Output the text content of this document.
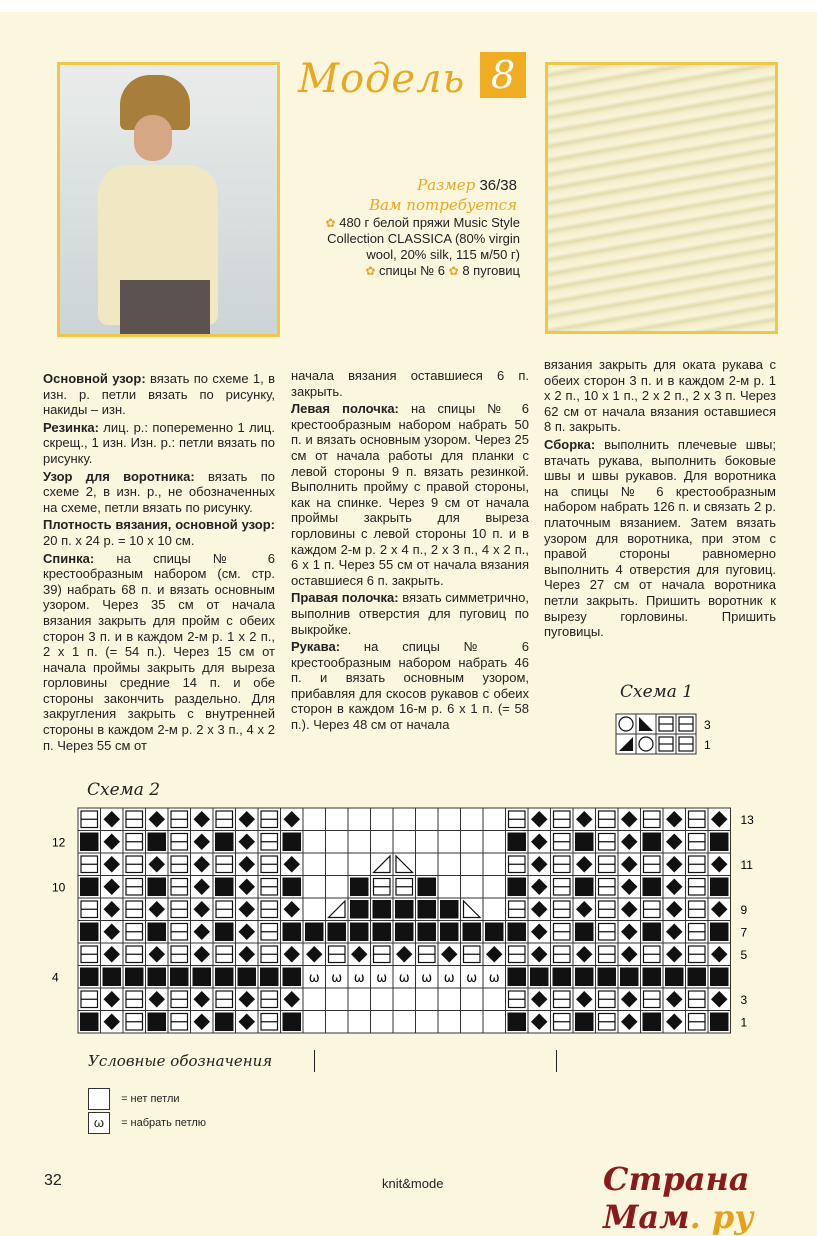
Модель 8
Размер 36/38
Вам потребуется
✿ 480 г белой пряжи Music Style
Collection CLASSICA (80% virgin
wool, 20% silk, 115 м/50 г)
✿ спицы № 6 ✿ 8 пуговиц

Основной узор: вязать по схеме 1, в изн. р. петли вязать по рисунку, накиды – изн.

Резинка: лиц. р.: попеременно 1 лиц. скрещ., 1 изн. Изн. р.: петли вязать по рисунку.

Узор для воротника: вязать по схеме 2, в изн. р., не обозначенных на схеме, петли вязать по рисунку.

Плотность вязания, основной узор: 20 п. х 24 р. = 10 х 10 см.

Спинка: на спицы № 6 крестообразным набором (см. стр. 39) набрать 68 п. и вязать основным узором. Через 35 см от начала вязания закрыть для пройм с обеих сторон 3 п. и в каждом 2-м р. 1 х 2 п., 2 х 1 п. (= 54 п.). Через 15 см от начала проймы закрыть для выреза горловины средние 14 п. и обе стороны закончить раздельно. Для закругления закрыть с внутренней стороны в каждом 2-м р. 2 х 3 п., 4 х 2 п. Через 55 см от

начала вязания оставшиеся 6 п. закрыть.

Левая полочка: на спицы № 6 крестообразным набором набрать 50 п. и вязать основным узором. Через 25 см от начала работы для планки с левой стороны 9 п. вязать резинкой. Выполнить пройму с правой стороны, как на спинке. Через 9 см от начала проймы закрыть для выреза горловины с левой стороны 10 п. и в каждом 2-м р. 2 х 4 п., 2 х 3 п., 4 х 2 п., 6 х 1 п. Через 55 см от начала вязания оставшиеся 6 п. закрыть.

Правая полочка: вязать симметрично, выполнив отверстия для пуговиц по выкройке.

Рукава: на спицы № 6 крестообразным набором набрать 46 п. и вязать основным узором, прибавляя для скосов рукавов с обеих сторон в каждом 16-м р. 6 х 1 п. (= 58 п.). Через 48 см от начала

вязания закрыть для оката рукава с обеих сторон 3 п. и в каждом 2-м р. 1 х 2 п., 10 х 1 п., 2 х 2 п., 2 х 3 п. Через 62 см от начала вязания оставшиеся 8 п. закрыть.

Сборка: выполнить плечевые швы; втачать рукава, выполнить боковые швы и швы рукавов. Для воротника на спицы № 6 крестообразным набором набрать 126 п. и связать 2 р. платочным вязанием. Затем вязать узором для воротника, при этом с правой стороны равномерно выполнить 4 отверстия для пуговиц. Через 27 см от начала воротника петли закрыть. Пришить воротник к вырезу горловины. Пришить пуговицы.

Схема 1
3
1
Схема 2
ω ω ω ω ω ω ω ω ω
12
10
4
13
11
9
7
5
3
1
Условные обозначения
= нет петли
ω = набрать петлю
32	knit&mode	Страна Мам. ру
